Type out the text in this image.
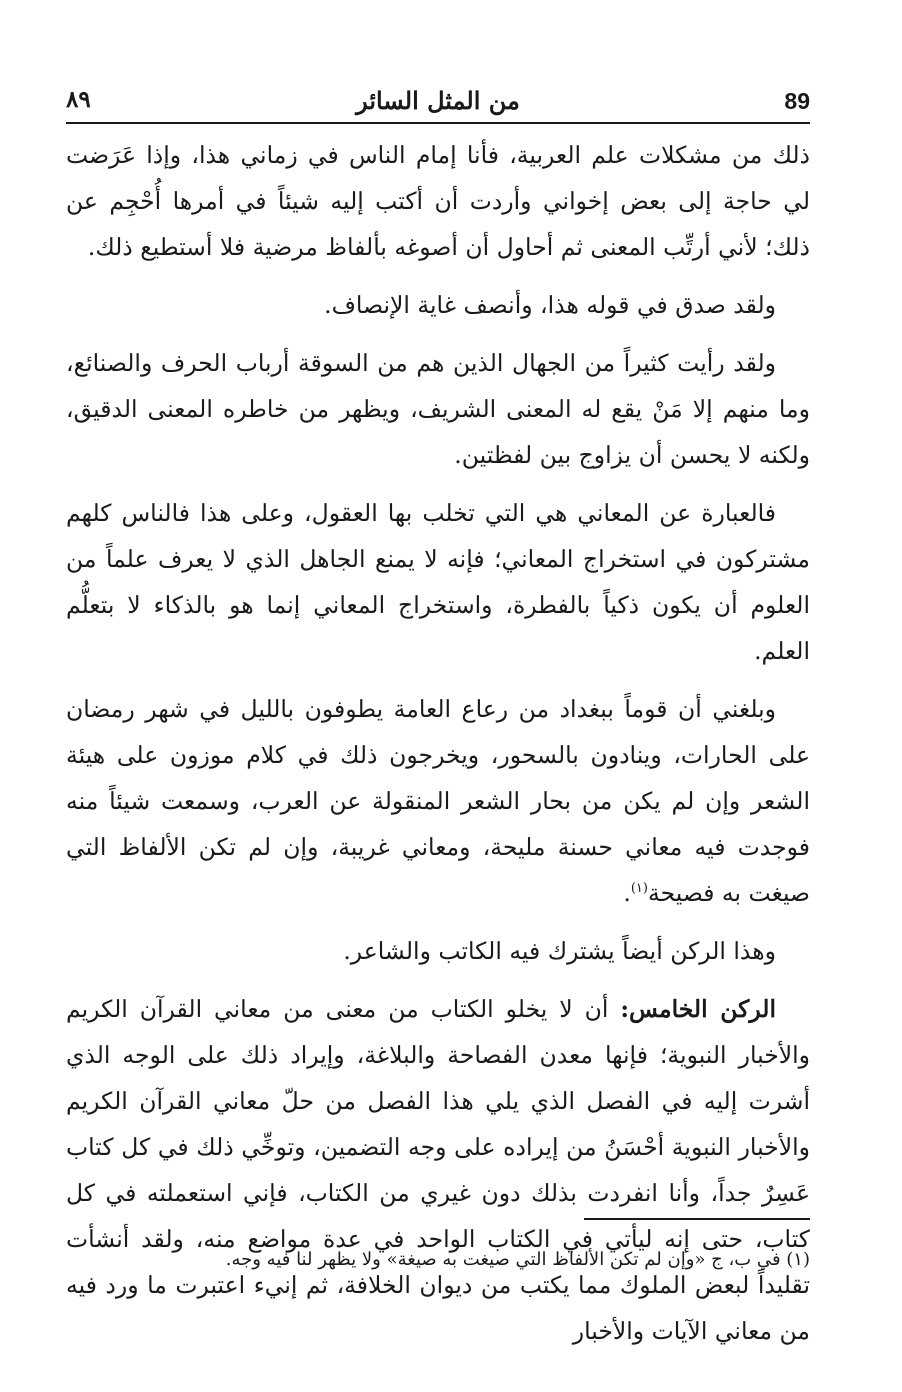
89
من المثل السائر
٨٩

ذلك من مشكلات علم العربية، فأنا إمام الناس في زماني هذا، وإذا عَرَضت لي حاجة إلى بعض إخواني وأردت أن أكتب إليه شيئاً في أمرها أُحْجِم عن ذلك؛ لأني أرتِّب المعنى ثم أحاول أن أصوغه بألفاظ مرضية فلا أستطيع ذلك.

ولقد صدق في قوله هذا، وأنصف غاية الإنصاف.

ولقد رأيت كثيراً من الجهال الذين هم من السوقة أرباب الحرف والصنائع، وما منهم إلا مَنْ يقع له المعنى الشريف، ويظهر من خاطره المعنى الدقيق، ولكنه لا يحسن أن يزاوج بين لفظتين.

فالعبارة عن المعاني هي التي تخلب بها العقول، وعلى هذا فالناس كلهم مشتركون في استخراج المعاني؛ فإنه لا يمنع الجاهل الذي لا يعرف علماً من العلوم أن يكون ذكياً بالفطرة، واستخراج المعاني إنما هو بالذكاء لا بتعلُّم العلم.

وبلغني أن قوماً ببغداد من رعاع العامة يطوفون بالليل في شهر رمضان على الحارات، وينادون بالسحور، ويخرجون ذلك في كلام موزون على هيئة الشعر وإن لم يكن من بحار الشعر المنقولة عن العرب، وسمعت شيئاً منه فوجدت فيه معاني حسنة مليحة، ومعاني غريبة، وإن لم تكن الألفاظ التي صيغت به فصيحة$^{(١)}$.

وهذا الركن أيضاً يشترك فيه الكاتب والشاعر.

الركن الخامس: أن لا يخلو الكتاب من معنى من معاني القرآن الكريم والأخبار النبوية؛ فإنها معدن الفصاحة والبلاغة، وإيراد ذلك على الوجه الذي أشرت إليه في الفصل الذي يلي هذا الفصل من حلّ معاني القرآن الكريم والأخبار النبوية أحْسَنُ من إيراده على وجه التضمين، وتوخِّي ذلك في كل كتاب عَسِرٌ جداً، وأنا انفردت بذلك دون غيري من الكتاب، فإني استعملته في كل كتاب، حتى إنه ليأتي في الكتاب الواحد في عدة مواضع منه، ولقد أنشأت تقليداً لبعض الملوك مما يكتب من ديوان الخلافة، ثم إنيء اعتبرت ما ورد فيه من معاني الآيات والأخبار

(١) في ب، ج «وإن لم تكن الألفاظ التي صيغت به صيغة» ولا يظهر لنا فيه وجه.
